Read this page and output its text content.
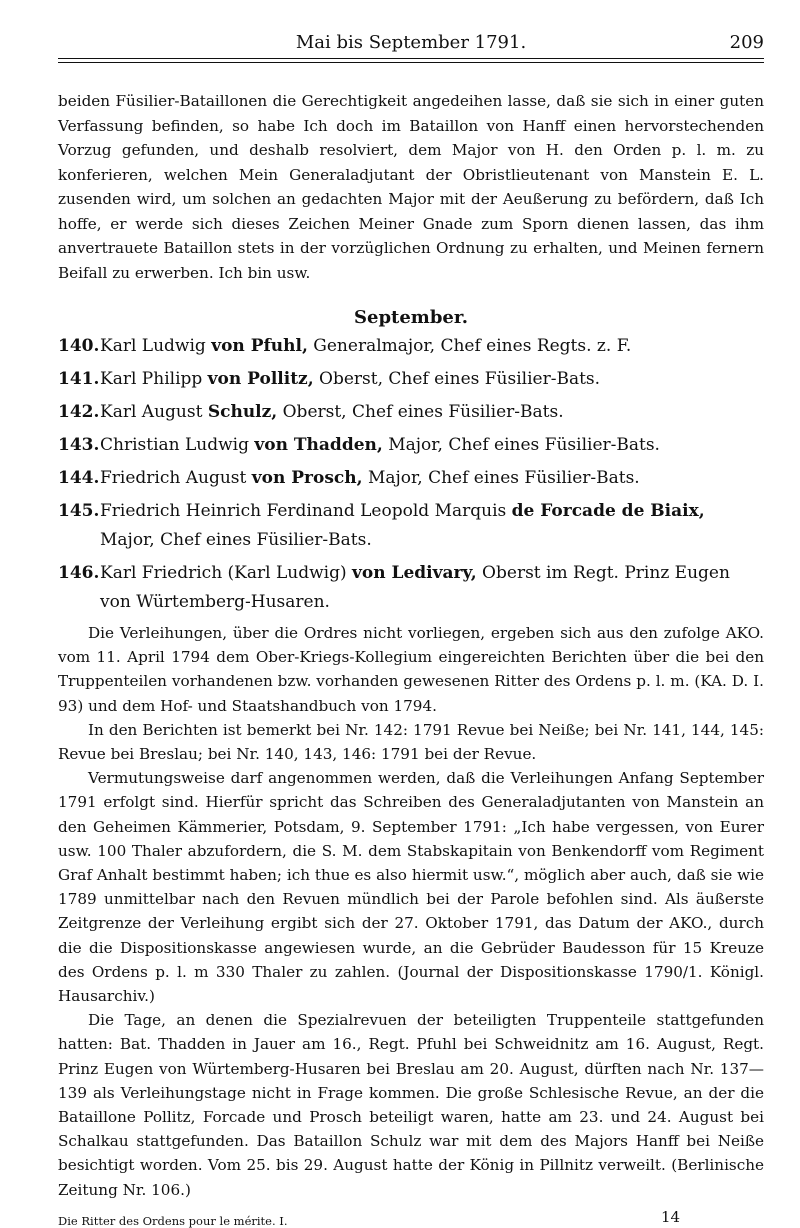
Mai bis September 1791.	209
beiden Füsilier-Bataillonen die Gerechtigkeit angedeihen lasse, daß sie sich in einer guten Verfassung befinden, so habe Ich doch im Bataillon von Hanff einen hervorstechenden Vorzug gefunden, und deshalb resolviert, dem Major von H. den Orden p. l. m. zu konferieren, welchen Mein Generaladjutant der Obristlieutenant von Manstein E. L. zusenden wird, um solchen an gedachten Major mit der Aeußerung zu befördern, daß Ich hoffe, er werde sich dieses Zeichen Meiner Gnade zum Sporn dienen lassen, das ihm anvertrauete Bataillon stets in der vorzüglichen Ordnung zu erhalten, und Meinen fernern Beifall zu erwerben. Ich bin usw.
September.
140. Karl Ludwig von Pfuhl, Generalmajor, Chef eines Regts. z. F.
141. Karl Philipp von Pollitz, Oberst, Chef eines Füsilier-Bats.
142. Karl August Schulz, Oberst, Chef eines Füsilier-Bats.
143. Christian Ludwig von Thadden, Major, Chef eines Füsilier-Bats.
144. Friedrich August von Prosch, Major, Chef eines Füsilier-Bats.
145. Friedrich Heinrich Ferdinand Leopold Marquis de Forcade de Biaix, Major, Chef eines Füsilier-Bats.
146. Karl Friedrich (Karl Ludwig) von Ledivary, Oberst im Regt. Prinz Eugen von Würtemberg-Husaren.

Die Verleihungen, über die Ordres nicht vorliegen, ergeben sich aus den zufolge AKO. vom 11. April 1794 dem Ober-Kriegs-Kollegium eingereichten Berichten über die bei den Truppenteilen vorhandenen bzw. vorhanden gewesenen Ritter des Ordens p. l. m. (KA. D. I. 93) und dem Hof- und Staatshandbuch von 1794.

In den Berichten ist bemerkt bei Nr. 142: 1791 Revue bei Neiße; bei Nr. 141, 144, 145: Revue bei Breslau; bei Nr. 140, 143, 146: 1791 bei der Revue.

Vermutungsweise darf angenommen werden, daß die Verleihungen Anfang September 1791 erfolgt sind. Hierfür spricht das Schreiben des Generaladjutanten von Manstein an den Geheimen Kämmerier, Potsdam, 9. September 1791: „Ich habe vergessen, von Eurer usw. 100 Thaler abzufordern, die S. M. dem Stabskapitain von Benkendorff vom Regiment Graf Anhalt bestimmt haben; ich thue es also hiermit usw.“, möglich aber auch, daß sie wie 1789 unmittelbar nach den Revuen mündlich bei der Parole befohlen sind. Als äußerste Zeitgrenze der Verleihung ergibt sich der 27. Oktober 1791, das Datum der AKO., durch die die Dispositionskasse angewiesen wurde, an die Gebrüder Baudesson für 15 Kreuze des Ordens p. l. m 330 Thaler zu zahlen. (Journal der Dispositionskasse 1790/1. Königl. Hausarchiv.)

Die Tage, an denen die Spezialrevuen der beteiligten Truppenteile stattgefunden hatten: Bat. Thadden in Jauer am 16., Regt. Pfuhl bei Schweidnitz am 16. August, Regt. Prinz Eugen von Würtemberg-Husaren bei Breslau am 20. August, dürften nach Nr. 137—139 als Verleihungstage nicht in Frage kommen. Die große Schlesische Revue, an der die Bataillone Pollitz, Forcade und Prosch beteiligt waren, hatte am 23. und 24. August bei Schalkau stattgefunden. Das Bataillon Schulz war mit dem des Majors Hanff bei Neiße besichtigt worden. Vom 25. bis 29. August hatte der König in Pillnitz verweilt. (Berlinische Zeitung Nr. 106.)

Die Ritter des Ordens pour le mérite. I.	14
